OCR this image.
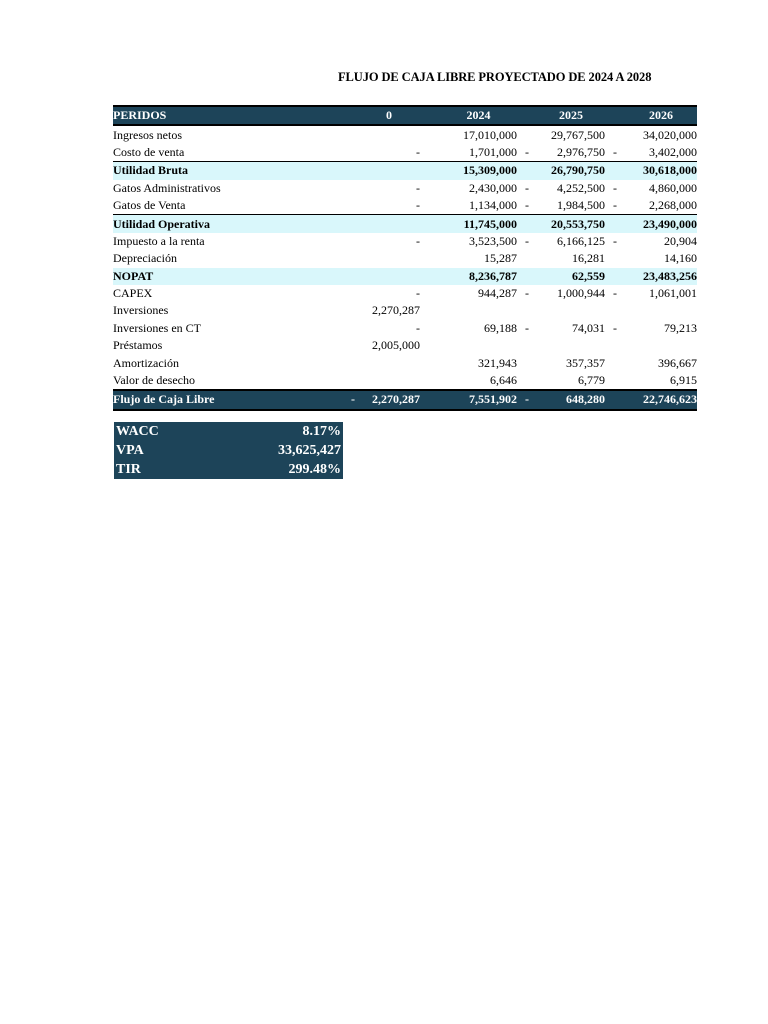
FLUJO DE CAJA LIBRE PROYECTADO DE 2024 A 2028
PERIDOS		0		2024		2025		2026
Ingresos netos				17,010,000		29,767,500		34,020,000
Costo de venta		-		1,701,000	-	2,976,750	-	3,402,000
Utilidad Bruta				15,309,000		26,790,750		30,618,000
Gatos Administrativos		-		2,430,000	-	4,252,500	-	4,860,000
Gatos de Venta		-		1,134,000	-	1,984,500	-	2,268,000
Utilidad Operativa				11,745,000		20,553,750		23,490,000
Impuesto a la renta		-		3,523,500	-	6,166,125	-	20,904
Depreciación				15,287		16,281		14,160
NOPAT				8,236,787		62,559		23,483,256
CAPEX		-		944,287	-	1,000,944	-	1,061,001
Inversiones		2,270,287						
Inversiones en CT		-		69,188	-	74,031	-	79,213
Préstamos		2,005,000						
Amortización				321,943		357,357		396,667
Valor de desecho				6,646		6,779		6,915
Flujo de Caja Libre	-	2,270,287		7,551,902	-	648,280		22,746,623
WACC	8.17%
VPA	33,625,427
TIR	299.48%
